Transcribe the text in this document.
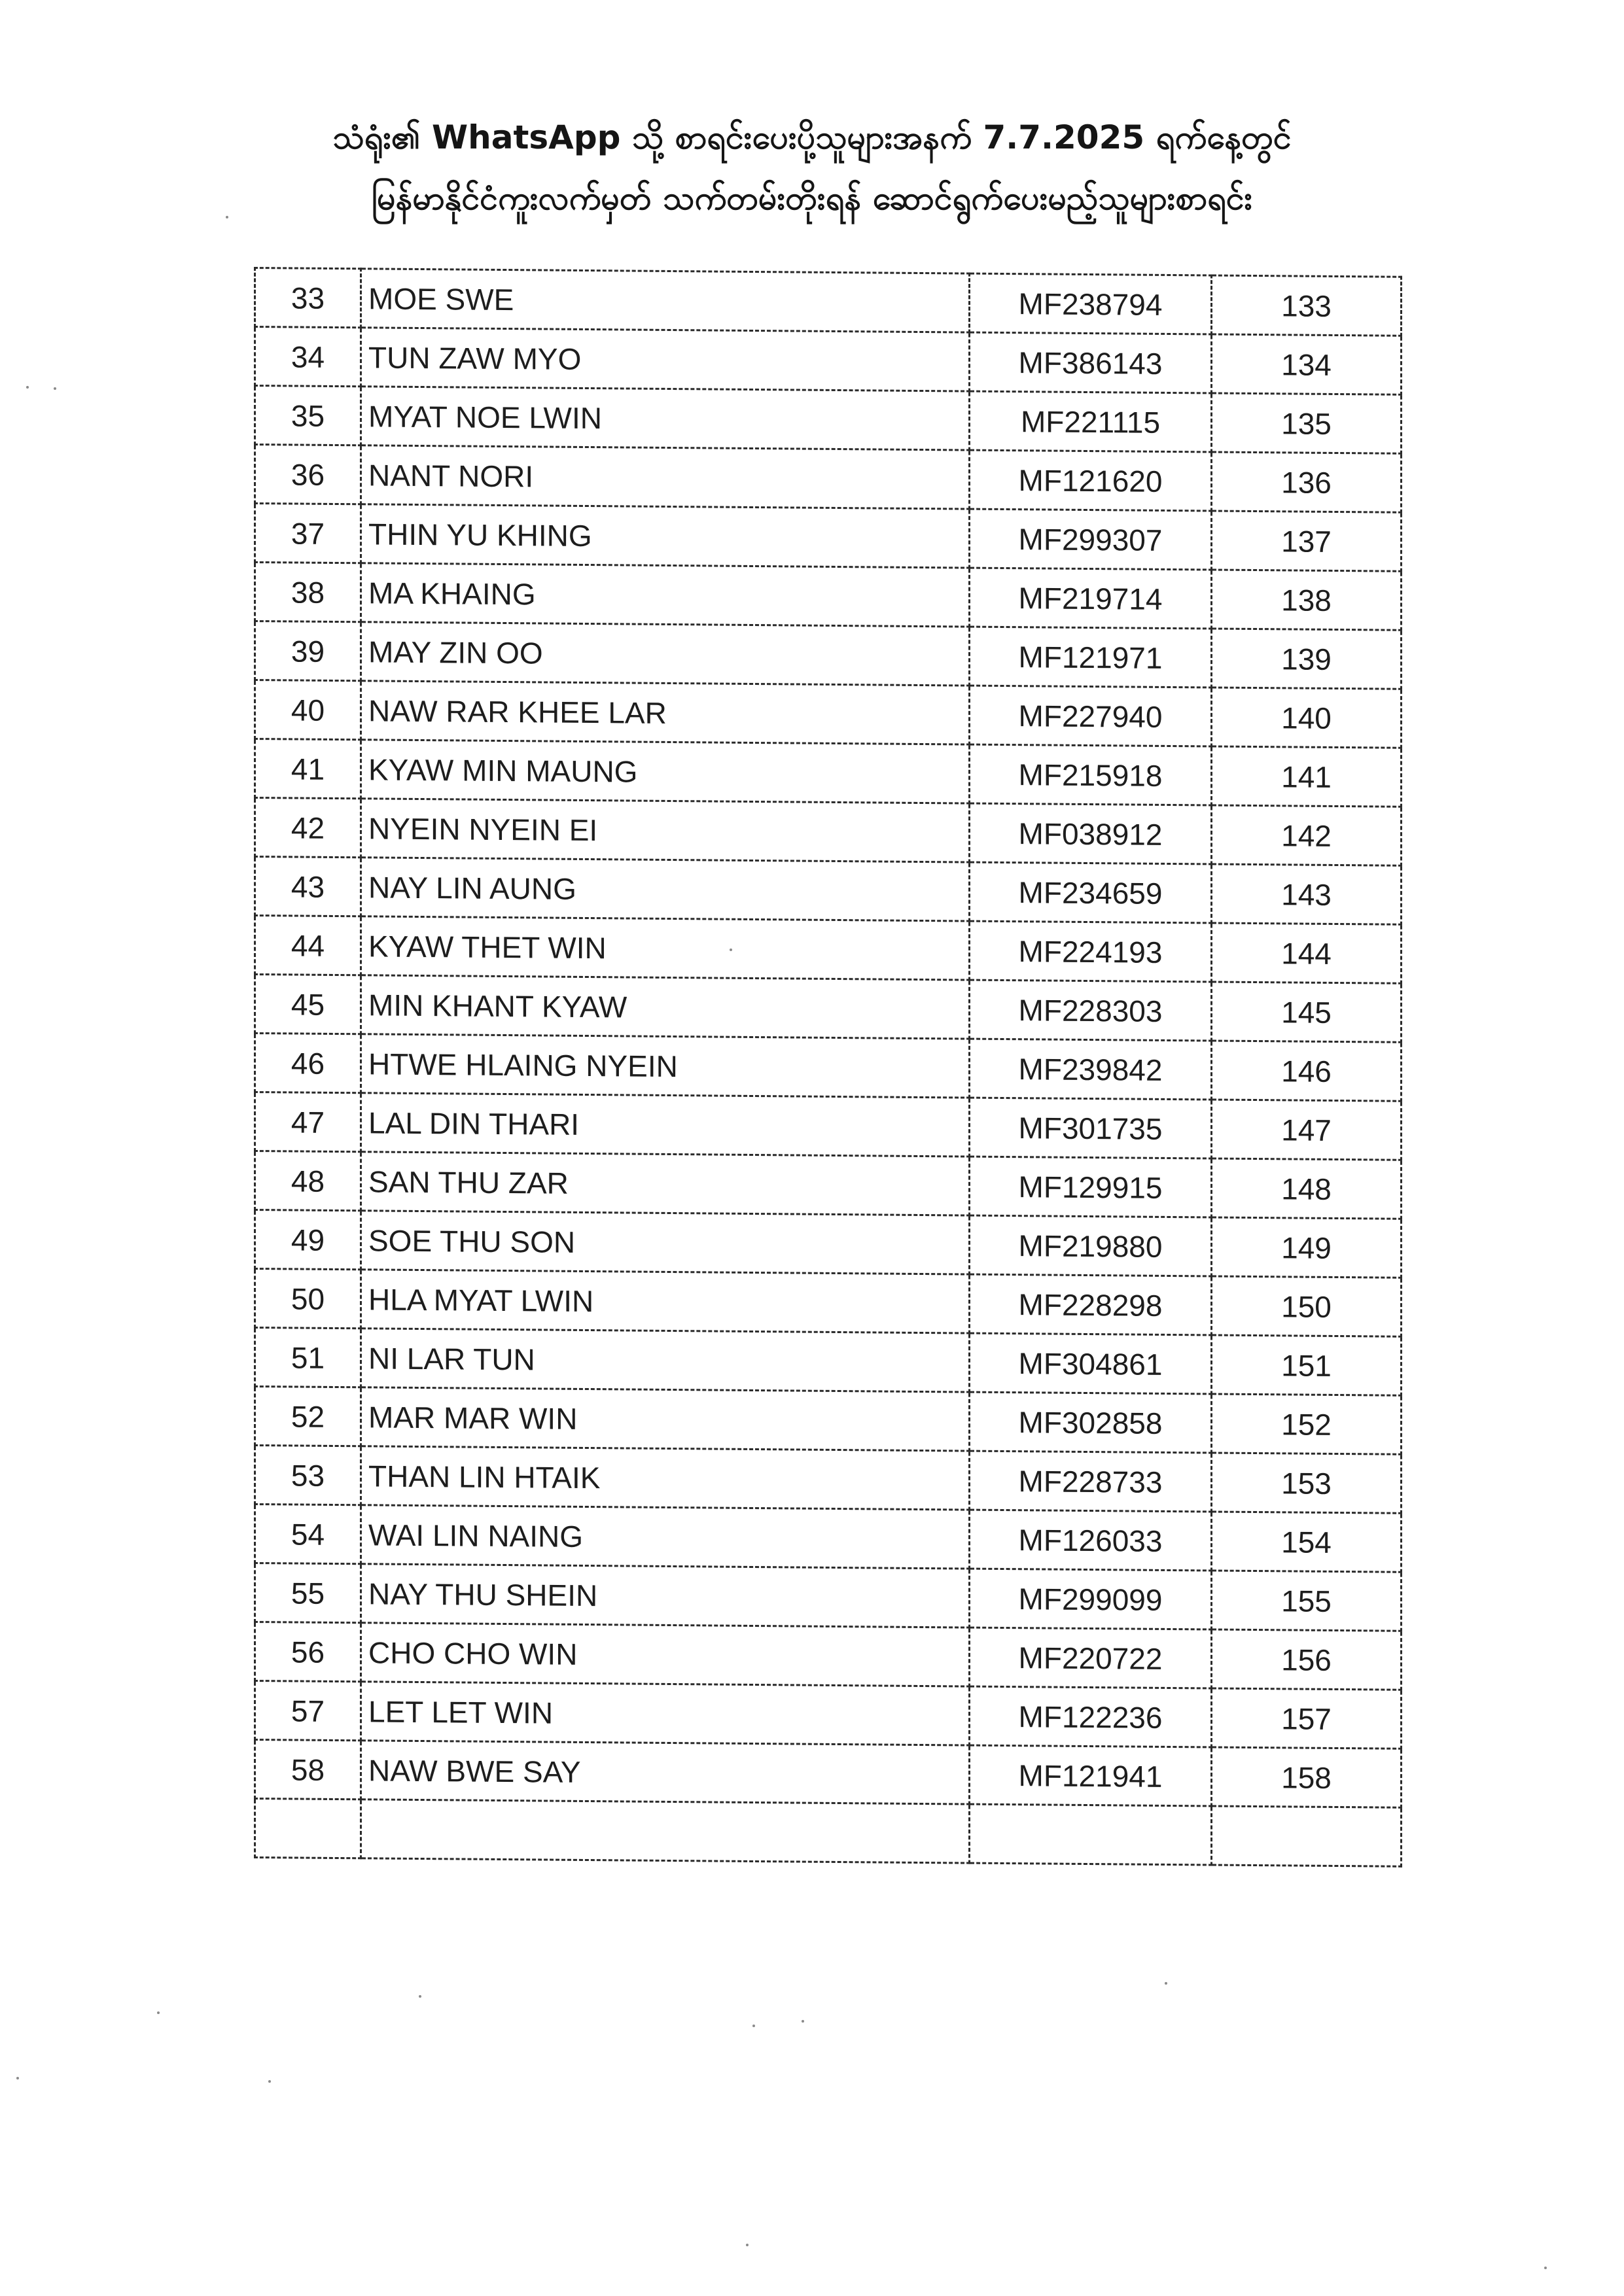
သံရုံး၏ WhatsApp သို့ စာရင်းပေးပို့သူများအနက် 7.7.2025 ရက်နေ့တွင်
မြန်မာနိုင်ငံကူးလက်မှတ် သက်တမ်းတိုးရန် ဆောင်ရွက်ပေးမည့်သူများစာရင်း
33	MOE SWE	MF238794	133
34	TUN ZAW MYO	MF386143	134
35	MYAT NOE LWIN	MF221115	135
36	NANT NORI	MF121620	136
37	THIN YU KHING	MF299307	137
38	MA KHAING	MF219714	138
39	MAY ZIN OO	MF121971	139
40	NAW RAR KHEE LAR	MF227940	140
41	KYAW MIN MAUNG	MF215918	141
42	NYEIN NYEIN EI	MF038912	142
43	NAY LIN AUNG	MF234659	143
44	KYAW THET WIN	MF224193	144
45	MIN KHANT KYAW	MF228303	145
46	HTWE HLAING NYEIN	MF239842	146
47	LAL DIN THARI	MF301735	147
48	SAN THU ZAR	MF129915	148
49	SOE THU SON	MF219880	149
50	HLA MYAT LWIN	MF228298	150
51	NI LAR TUN	MF304861	151
52	MAR MAR WIN	MF302858	152
53	THAN LIN HTAIK	MF228733	153
54	WAI LIN NAING	MF126033	154
55	NAY THU SHEIN	MF299099	155
56	CHO CHO WIN	MF220722	156
57	LET LET WIN	MF122236	157
58	NAW BWE SAY	MF121941	158
